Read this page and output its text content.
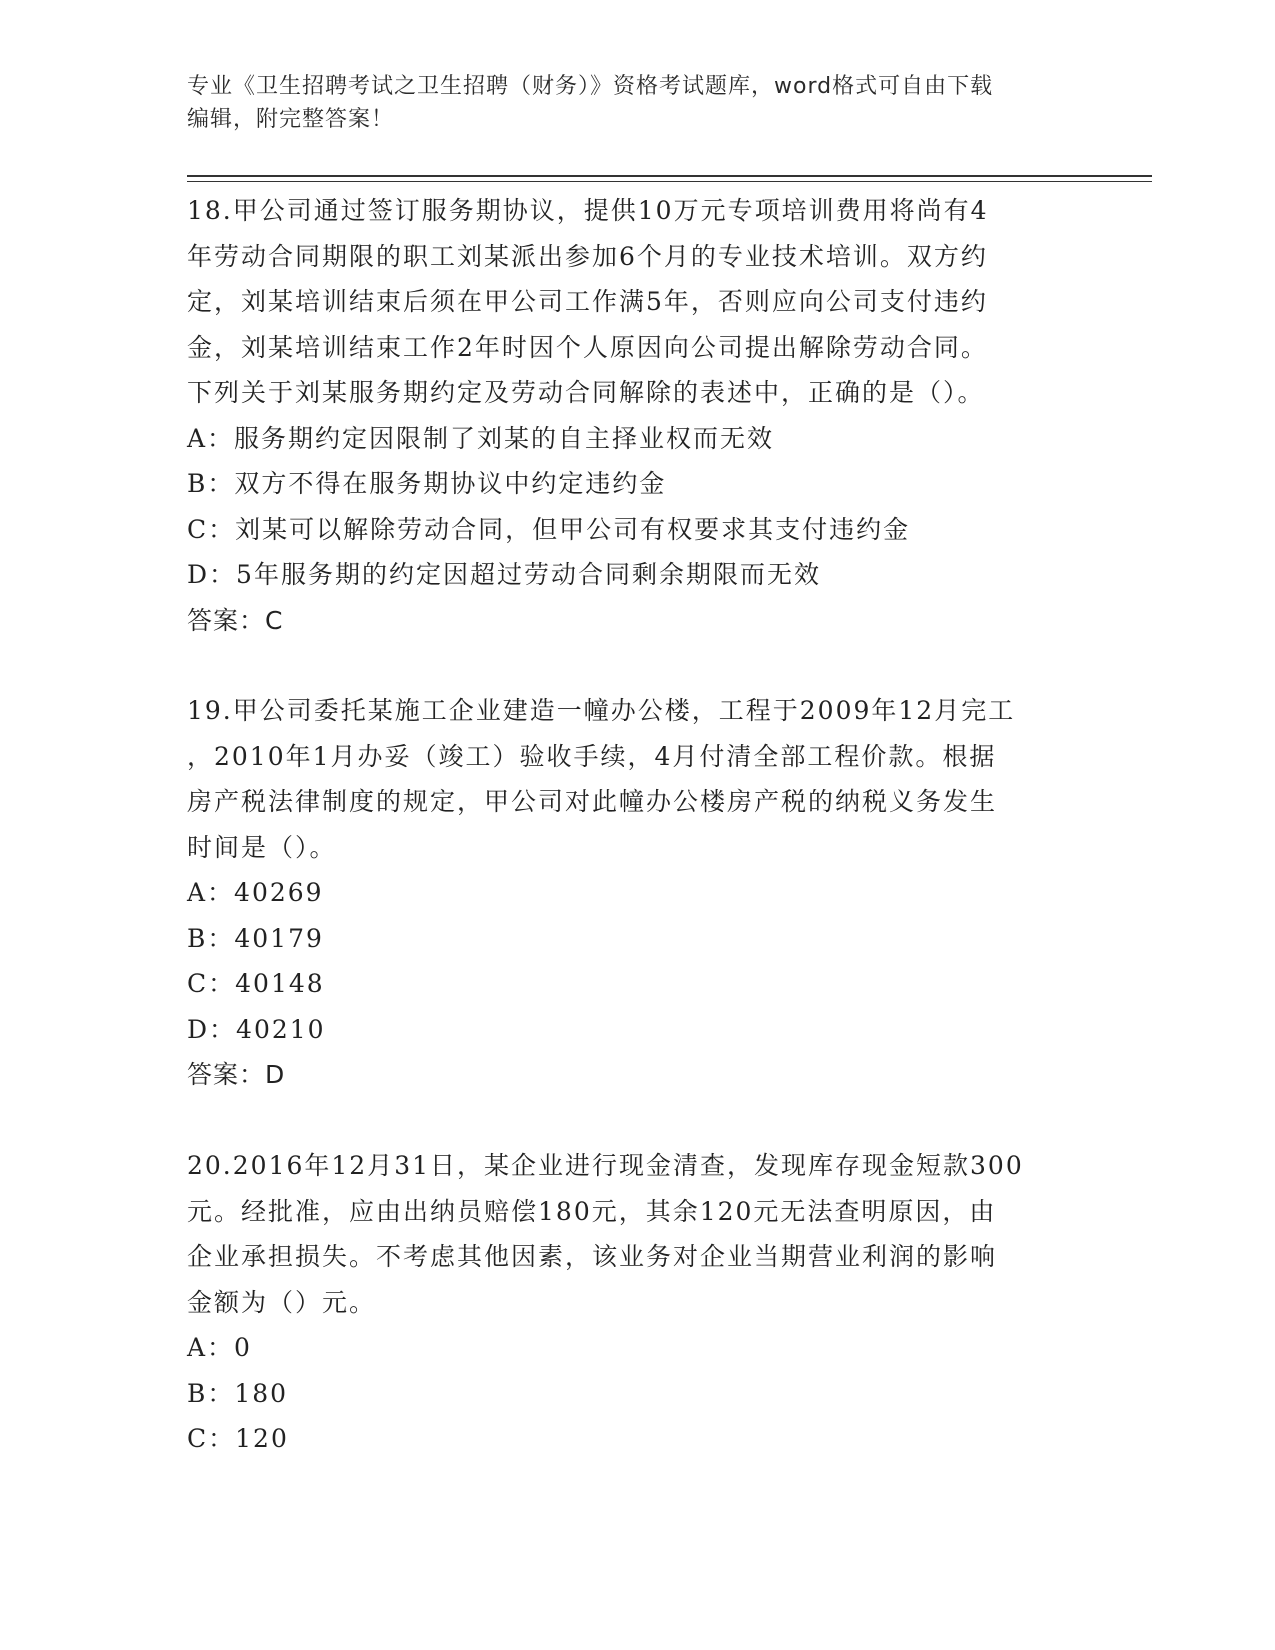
专业《卫生招聘考试之卫生招聘（财务）》资格考试题库，word格式可自由下载
编辑，附完整答案！

18.甲公司通过签订服务期协议，提供10万元专项培训费用将尚有4

年劳动合同期限的职工刘某派出参加6个月的专业技术培训。双方约

定，刘某培训结束后须在甲公司工作满5年，否则应向公司支付违约

金，刘某培训结束工作2年时因个人原因向公司提出解除劳动合同。

下列关于刘某服务期约定及劳动合同解除的表述中，正确的是（）。

A：服务期约定因限制了刘某的自主择业权而无效

B：双方不得在服务期协议中约定违约金

C：刘某可以解除劳动合同，但甲公司有权要求其支付违约金

D：5年服务期的约定因超过劳动合同剩余期限而无效

答案：C

19.甲公司委托某施工企业建造一幢办公楼，工程于2009年12月完工

，2010年1月办妥（竣工）验收手续，4月付清全部工程价款。根据

房产税法律制度的规定，甲公司对此幢办公楼房产税的纳税义务发生

时间是（）。

A：40269

B：40179

C：40148

D：40210

答案：D

20.2016年12月31日，某企业进行现金清查，发现库存现金短款300

元。经批准，应由出纳员赔偿180元，其余120元无法查明原因，由

企业承担损失。不考虑其他因素，该业务对企业当期营业利润的影响

金额为（）元。

A：0

B：180

C：120
